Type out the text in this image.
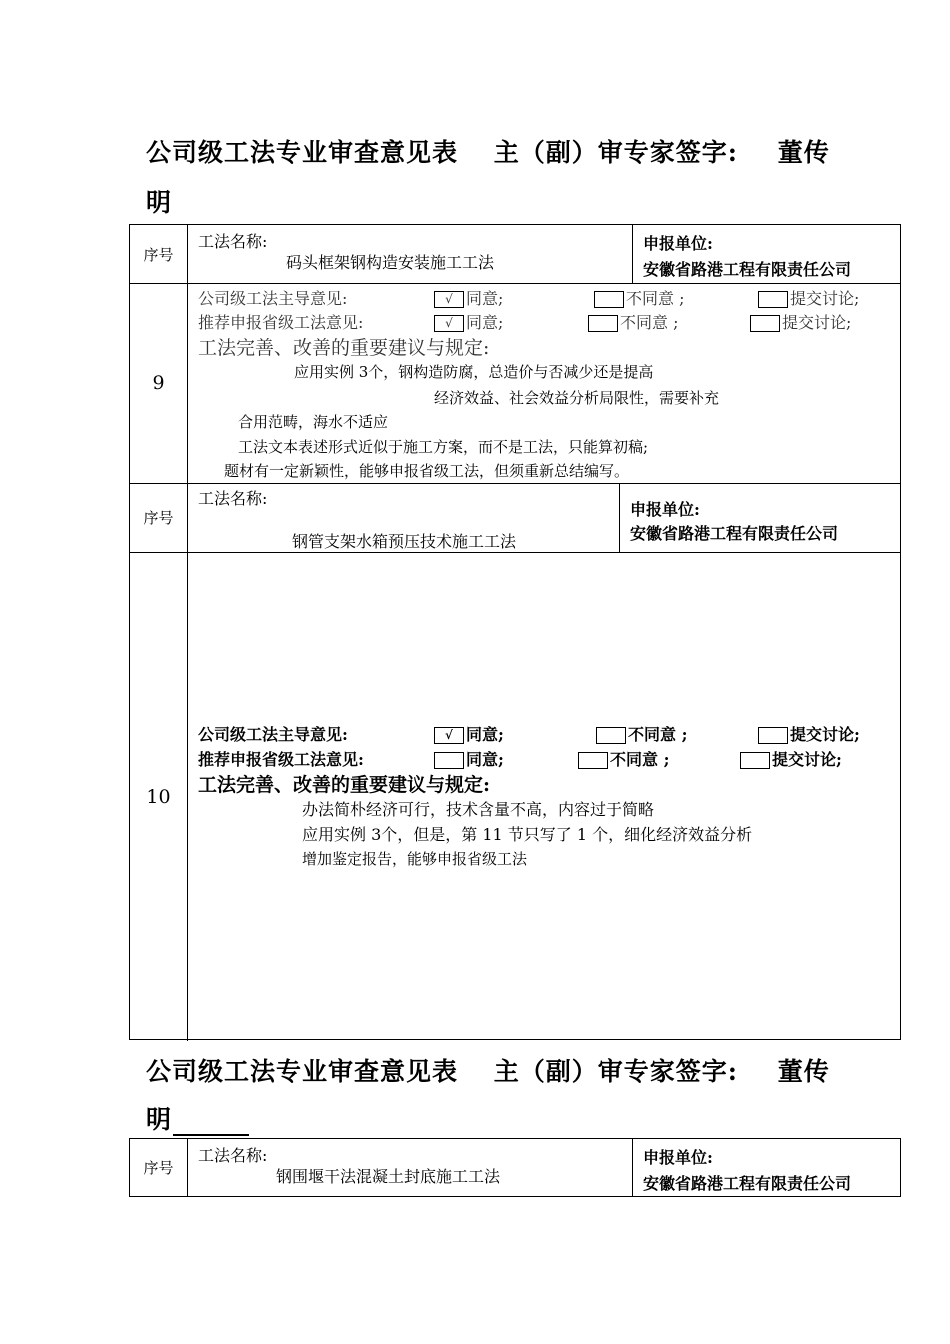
公司级工法专业审查意见表 主（副）审专家签字: 董传
明
序号
工法名称:
码头框架钢构造安装施工工法
申报单位:
安徽省路港工程有限责任公司
9
公司级工法主导意见:	√ 同意;	不同意 ;	提交讨论;
推荐申报省级工法意见:	√ 同意;	不同意 ;	提交讨论;
工法完善、改善的重要建议与规定:
应用实例 3个，钢构造防腐，总造价与否减少还是提高
经济效益、社会效益分析局限性，需要补充
合用范畴，海水不适应
工法文本表述形式近似于施工方案，而不是工法，只能算初稿;
题材有一定新颖性，能够申报省级工法，但须重新总结编写。
序号
工法名称:
钢管支架水箱预压技术施工工法
申报单位:
安徽省路港工程有限责任公司
10
公司级工法主导意见:	√ 同意;	不同意 ;	提交讨论;
推荐申报省级工法意见:	同意;	不同意 ;	提交讨论;
工法完善、改善的重要建议与规定:
办法简朴经济可行，技术含量不高，内容过于简略
应用实例 3个，但是，第 11 节只写了 1 个，细化经济效益分析
增加鉴定报告，能够申报省级工法
公司级工法专业审查意见表 主（副）审专家签字: 董传
明
序号
工法名称:
钢围堰干法混凝土封底施工工法
申报单位:
安徽省路港工程有限责任公司
